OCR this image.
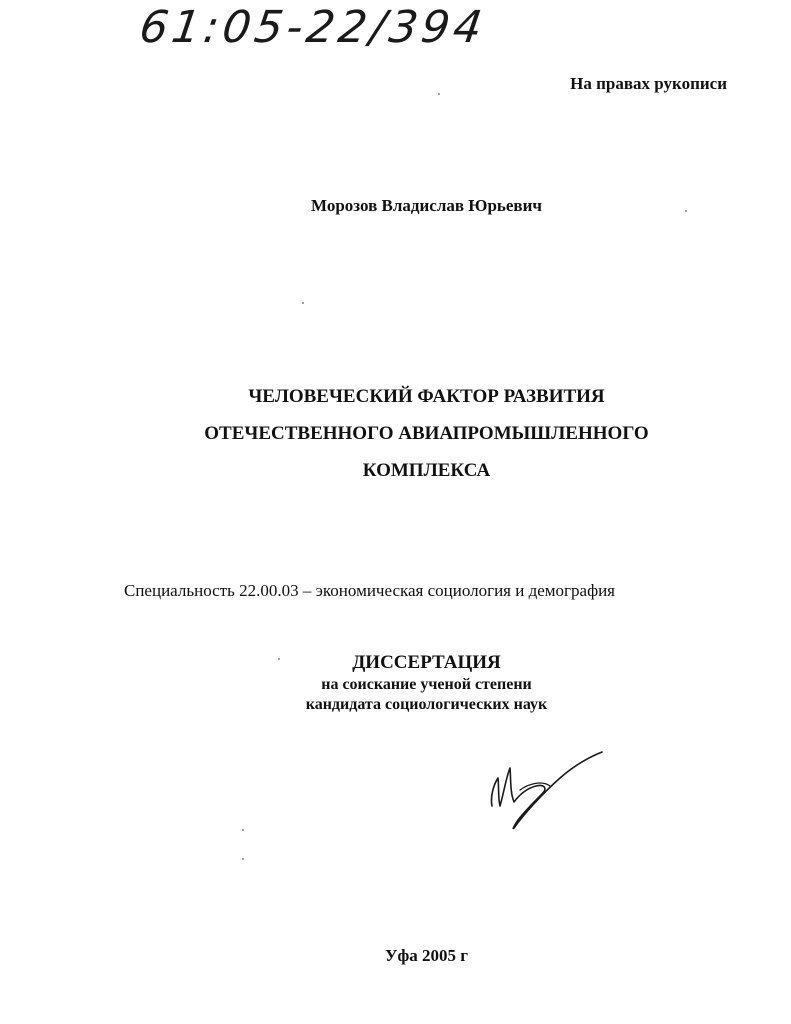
61:05-22/394
На правах рукописи
Морозов Владислав Юрьевич
ЧЕЛОВЕЧЕСКИЙ ФАКТОР РАЗВИТИЯ
ОТЕЧЕСТВЕННОГО АВИАПРОМЫШЛЕННОГО
КОМПЛЕКСА
Специальность 22.00.03 – экономическая социология и демография
ДИССЕРТАЦИЯ
на соискание ученой степени
кандидата социологических наук
Уфа 2005 г
